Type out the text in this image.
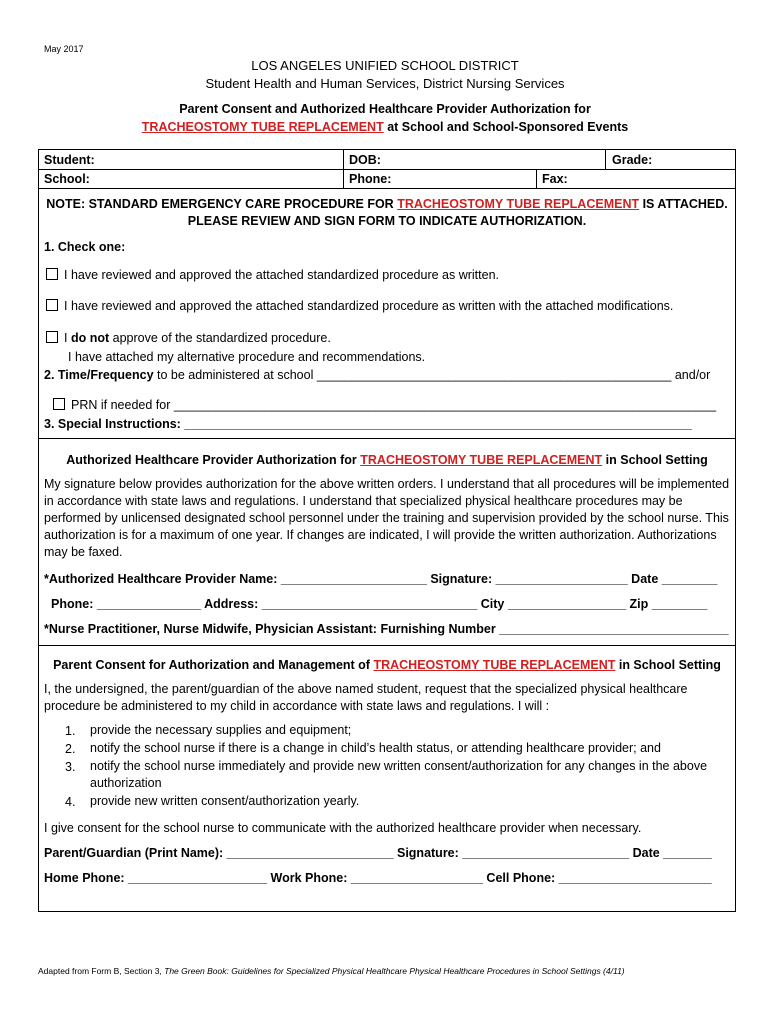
May 2017
LOS ANGELES UNIFIED SCHOOL DISTRICT
Student Health and Human Services, District Nursing Services
Parent Consent and Authorized Healthcare Provider Authorization for
TRACHEOSTOMY TUBE REPLACEMENT at School and School-Sponsored Events
Student:	DOB:	Grade:
School:	Phone:	Fax:
NOTE: STANDARD EMERGENCY CARE PROCEDURE FOR TRACHEOSTOMY TUBE REPLACEMENT IS ATTACHED.
PLEASE REVIEW AND SIGN FORM TO INDICATE AUTHORIZATION.
1. Check one:
I have reviewed and approved the attached standardized procedure as written.
I have reviewed and approved the attached standardized procedure as written with the attached modifications.
I do not approve of the standardized procedure.
I have attached my alternative procedure and recommendations.
2. Time/Frequency to be administered at school ___________________________________________________ and/or
PRN if needed for ______________________________________________________________________________
3. Special Instructions: _________________________________________________________________________
Authorized Healthcare Provider Authorization for TRACHEOSTOMY TUBE REPLACEMENT in School Setting
My signature below provides authorization for the above written orders. I understand that all procedures will be implemented in accordance with state laws and regulations. I understand that specialized physical healthcare procedures may be performed by unlicensed designated school personnel under the training and supervision provided by the school nurse. This authorization is for a maximum of one year. If changes are indicated, I will provide the written authorization. Authorizations may be faxed.
*Authorized Healthcare Provider Name: _____________________ Signature: ___________________ Date ________
Phone: _______________ Address: _______________________________ City _________________ Zip ________
*Nurse Practitioner, Nurse Midwife, Physician Assistant: Furnishing Number _________________________________
Parent Consent for Authorization and Management of TRACHEOSTOMY TUBE REPLACEMENT in School Setting
I, the undersigned, the parent/guardian of the above named student, request that the specialized physical healthcare procedure be administered to my child in accordance with state laws and regulations. I will :
1. provide the necessary supplies and equipment;
2. notify the school nurse if there is a change in child’s health status, or attending healthcare provider; and
3. notify the school nurse immediately and provide new written consent/authorization for any changes in the above authorization
4. provide new written consent/authorization yearly.
I give consent for the school nurse to communicate with the authorized healthcare provider when necessary.
Parent/Guardian (Print Name): ________________________ Signature: ________________________ Date _______
Home Phone: ____________________ Work Phone: ___________________ Cell Phone: ______________________
Adapted from Form B, Section 3, The Green Book: Guidelines for Specialized Physical Healthcare Physical Healthcare Procedures in School Settings (4/11)
